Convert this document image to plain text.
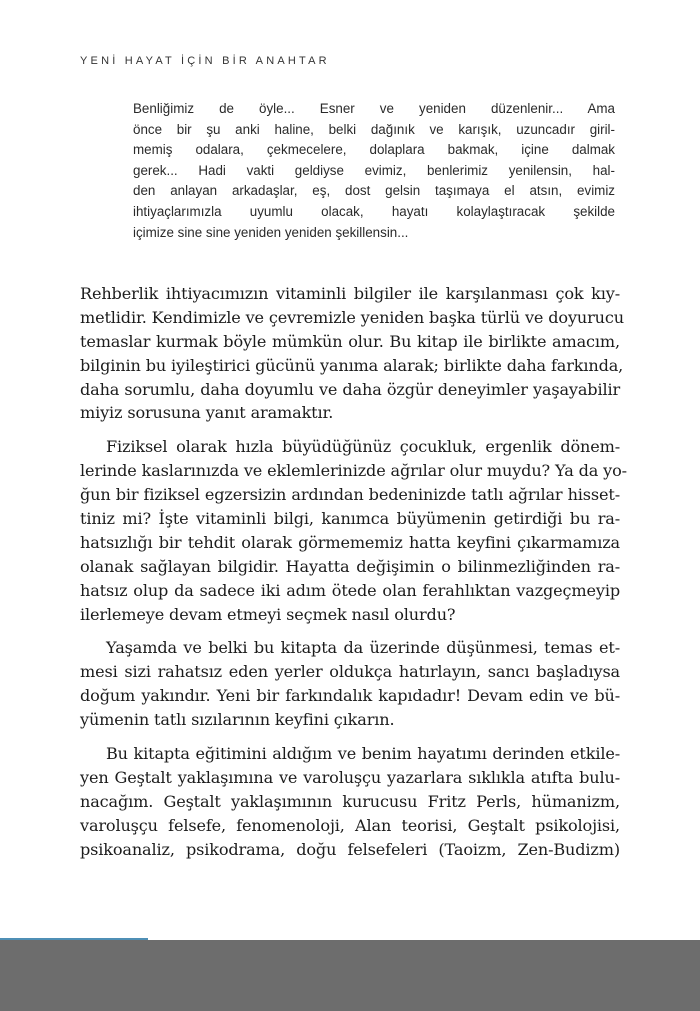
YENİ HAYAT İÇİN BİR ANAHTAR
Benliğimiz de öyle... Esner ve yeniden düzenlenir... Ama
önce bir şu anki haline, belki dağınık ve karışık, uzuncadır giril-
memiş odalara, çekmecelere, dolaplara bakmak, içine dalmak
gerek... Hadi vakti geldiyse evimiz, benlerimiz yenilensin, hal-
den anlayan arkadaşlar, eş, dost gelsin taşımaya el atsın, evimiz
ihtiyaçlarımızla uyumlu olacak, hayatı kolaylaştıracak şekilde
içimize sine sine yeniden yeniden şekillensin...
Rehberlik ihtiyacımızın vitaminli bilgiler ile karşılanması çok kıy-
metlidir. Kendimizle ve çevremizle yeniden başka türlü ve doyurucu
temaslar kurmak böyle mümkün olur. Bu kitap ile birlikte amacım,
bilginin bu iyileştirici gücünü yanıma alarak; birlikte daha farkında,
daha sorumlu, daha doyumlu ve daha özgür deneyimler yaşayabilir
miyiz sorusuna yanıt aramaktır.
Fiziksel olarak hızla büyüdüğünüz çocukluk, ergenlik dönem-
lerinde kaslarınızda ve eklemlerinizde ağrılar olur muydu? Ya da yo-
ğun bir fiziksel egzersizin ardından bedeninizde tatlı ağrılar hisset-
tiniz mi? İşte vitaminli bilgi, kanımca büyümenin getirdiği bu ra-
hatsızlığı bir tehdit olarak görmememiz hatta keyfini çıkarmamıza
olanak sağlayan bilgidir. Hayatta değişimin o bilinmezliğinden ra-
hatsız olup da sadece iki adım ötede olan ferahlıktan vazgeçmeyip
ilerlemeye devam etmeyi seçmek nasıl olurdu?
Yaşamda ve belki bu kitapta da üzerinde düşünmesi, temas et-
mesi sizi rahatsız eden yerler oldukça hatırlayın, sancı başladıysa
doğum yakındır. Yeni bir farkındalık kapıdadır! Devam edin ve bü-
yümenin tatlı sızılarının keyfini çıkarın.
Bu kitapta eğitimini aldığım ve benim hayatımı derinden etkile-
yen Geştalt yaklaşımına ve varoluşçu yazarlara sıklıkla atıfta bulu-
nacağım. Geştalt yaklaşımının kurucusu Fritz Perls, hümanizm,
varoluşçu felsefe, fenomenoloji, Alan teorisi, Geştalt psikolojisi,
psikoanaliz, psikodrama, doğu felsefeleri (Taoizm, Zen-Budizm)
